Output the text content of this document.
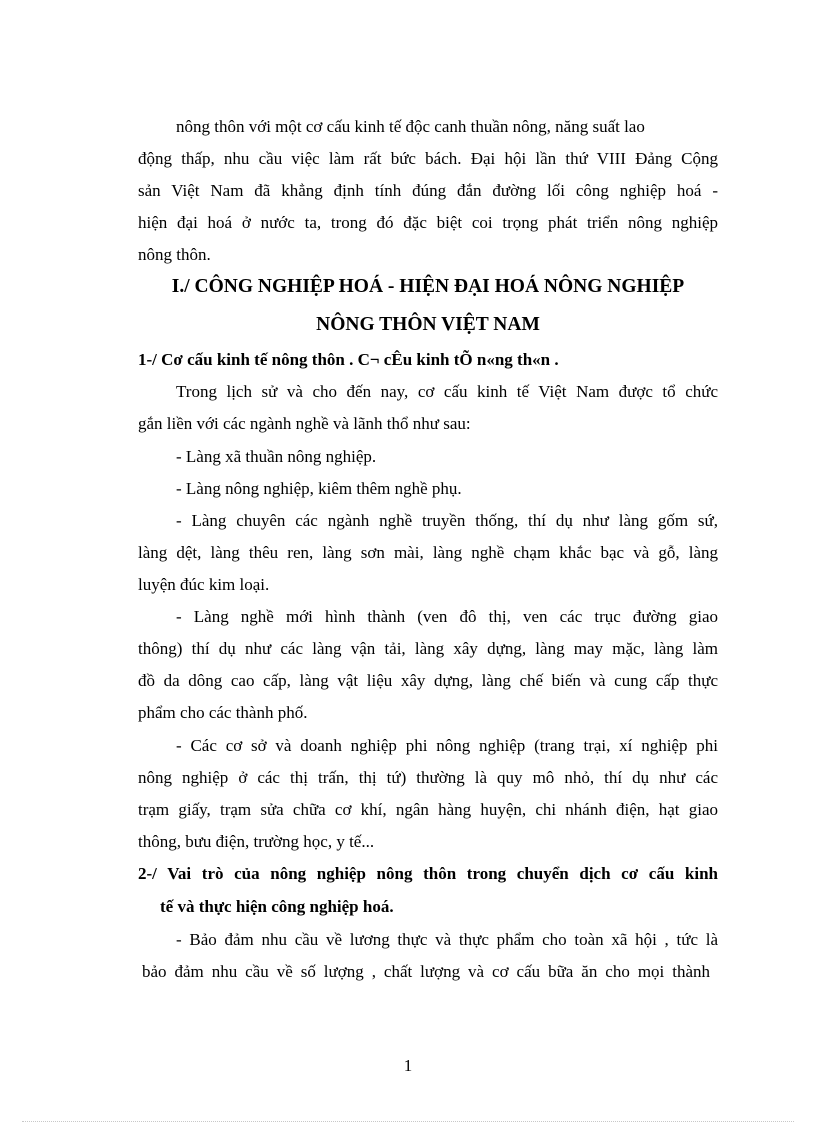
nông thôn với một cơ cấu kinh tế độc canh thuần nông, năng suất lao
động thấp, nhu cầu việc làm rất bức bách. Đại hội lần thứ VIII Đảng Cộng
sản Việt Nam đã khẳng định tính đúng đắn đường lối công nghiệp hoá -
hiện đại hoá ở nước ta, trong đó đặc biệt coi trọng phát triển nông nghiệp
nông thôn.
I./ CÔNG NGHIỆP HOÁ - HIỆN ĐẠI HOÁ NÔNG NGHIỆP
NÔNG THÔN VIỆT NAM
1-/ Cơ cấu kinh tế nông thôn . C¬ cÊu kinh tÕ n«ng th«n .
Trong lịch sử và cho đến nay, cơ cấu kinh tế Việt Nam được tổ chức
gắn liền với các ngành nghề và lãnh thổ như sau:
- Làng xã thuần nông nghiệp.
- Làng nông nghiệp, kiêm thêm nghề phụ.
- Làng chuyên các ngành nghề truyền thống, thí dụ như làng gốm sứ,
làng dệt, làng thêu ren, làng sơn mài, làng nghề chạm khắc bạc và gỗ, làng
luyện đúc kim loại.
- Làng nghề mới hình thành (ven đô thị, ven các trục đường giao
thông) thí dụ như các làng vận tải, làng xây dựng, làng may mặc, làng làm
đồ da dông cao cấp, làng vật liệu xây dựng, làng chế biến và cung cấp thực
phẩm cho các thành phố.
- Các cơ sở và doanh nghiệp phi nông nghiệp (trang trại, xí nghiệp phi
nông nghiệp ở các thị trấn, thị tứ) thường là quy mô nhỏ, thí dụ như các
trạm giấy, trạm sửa chữa cơ khí, ngân hàng huyện, chi nhánh điện, hạt giao
thông, bưu điện, trường học, y tế...
2-/ Vai trò của nông nghiệp nông thôn trong chuyển dịch cơ cấu kinh
tế và thực hiện công nghiệp hoá.
- Bảo đảm nhu cầu về lương thực và thực phẩm cho toàn xã hội , tức là
bảo đảm nhu cầu về số lượng , chất lượng và cơ cấu bữa ăn cho mọi thành
1
